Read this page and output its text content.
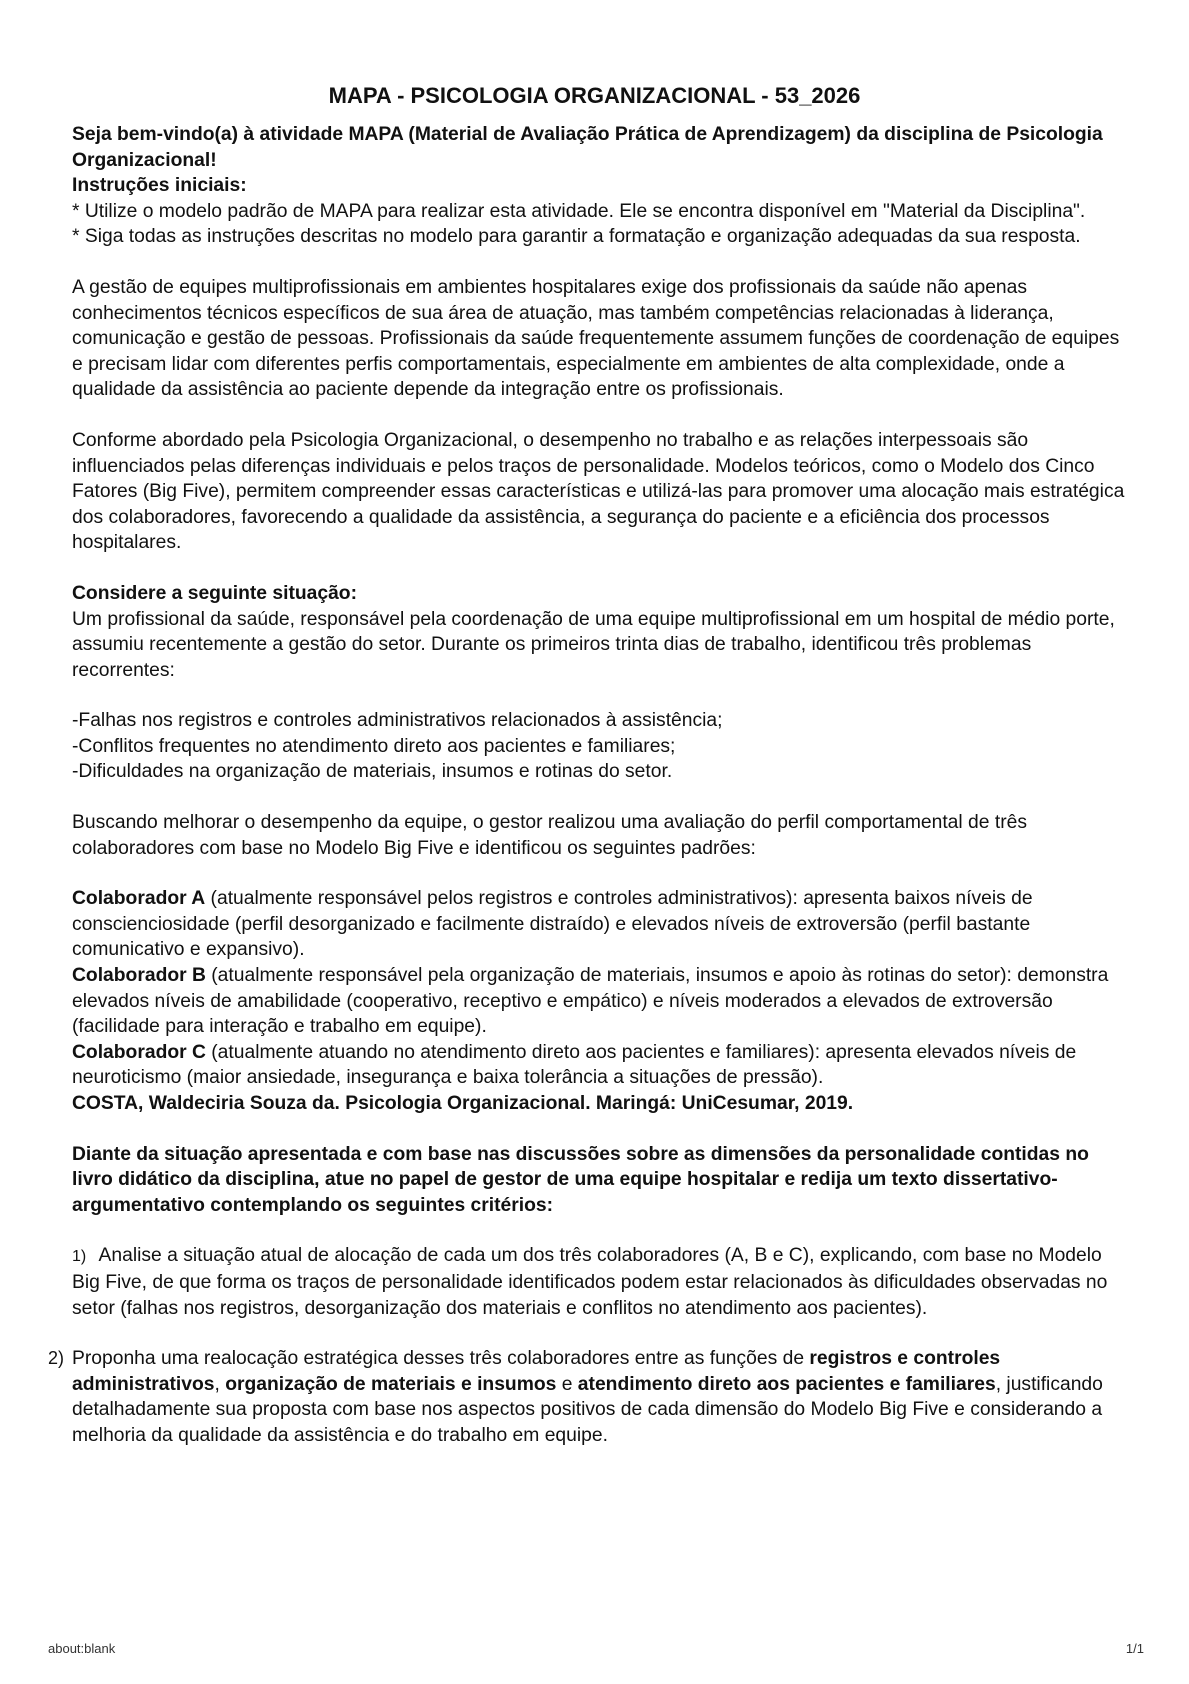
MAPA - PSICOLOGIA ORGANIZACIONAL - 53_2026

Seja bem-vindo(a) à atividade MAPA (Material de Avaliação Prática de Aprendizagem) da disciplina de Psicologia Organizacional!

Instruções iniciais:

* Utilize o modelo padrão de MAPA para realizar esta atividade. Ele se encontra disponível em "Material da Disciplina".

* Siga todas as instruções descritas no modelo para garantir a formatação e organização adequadas da sua resposta.

A gestão de equipes multiprofissionais em ambientes hospitalares exige dos profissionais da saúde não apenas conhecimentos técnicos específicos de sua área de atuação, mas também competências relacionadas à liderança, comunicação e gestão de pessoas. Profissionais da saúde frequentemente assumem funções de coordenação de equipes e precisam lidar com diferentes perfis comportamentais, especialmente em ambientes de alta complexidade, onde a qualidade da assistência ao paciente depende da integração entre os profissionais.

Conforme abordado pela Psicologia Organizacional, o desempenho no trabalho e as relações interpessoais são influenciados pelas diferenças individuais e pelos traços de personalidade. Modelos teóricos, como o Modelo dos Cinco Fatores (Big Five), permitem compreender essas características e utilizá-las para promover uma alocação mais estratégica dos colaboradores, favorecendo a qualidade da assistência, a segurança do paciente e a eficiência dos processos hospitalares.

Considere a seguinte situação:

Um profissional da saúde, responsável pela coordenação de uma equipe multiprofissional em um hospital de médio porte, assumiu recentemente a gestão do setor. Durante os primeiros trinta dias de trabalho, identificou três problemas recorrentes:

-Falhas nos registros e controles administrativos relacionados à assistência;

-Conflitos frequentes no atendimento direto aos pacientes e familiares;

-Dificuldades na organização de materiais, insumos e rotinas do setor.

Buscando melhorar o desempenho da equipe, o gestor realizou uma avaliação do perfil comportamental de três colaboradores com base no Modelo Big Five e identificou os seguintes padrões:

Colaborador A (atualmente responsável pelos registros e controles administrativos): apresenta baixos níveis de conscienciosidade (perfil desorganizado e facilmente distraído) e elevados níveis de extroversão (perfil bastante comunicativo e expansivo).

Colaborador B (atualmente responsável pela organização de materiais, insumos e apoio às rotinas do setor): demonstra elevados níveis de amabilidade (cooperativo, receptivo e empático) e níveis moderados a elevados de extroversão (facilidade para interação e trabalho em equipe).

Colaborador C (atualmente atuando no atendimento direto aos pacientes e familiares): apresenta elevados níveis de neuroticismo (maior ansiedade, insegurança e baixa tolerância a situações de pressão).

COSTA, Waldeciria Souza da. Psicologia Organizacional. Maringá: UniCesumar, 2019.

Diante da situação apresentada e com base nas discussões sobre as dimensões da personalidade contidas no livro didático da disciplina, atue no papel de gestor de uma equipe hospitalar e redija um texto dissertativo-argumentativo contemplando os seguintes critérios:

1) Analise a situação atual de alocação de cada um dos três colaboradores (A, B e C), explicando, com base no Modelo Big Five, de que forma os traços de personalidade identificados podem estar relacionados às dificuldades observadas no setor (falhas nos registros, desorganização dos materiais e conflitos no atendimento aos pacientes).

2) Proponha uma realocação estratégica desses três colaboradores entre as funções de registros e controles administrativos, organização de materiais e insumos e atendimento direto aos pacientes e familiares, justificando detalhadamente sua proposta com base nos aspectos positivos de cada dimensão do Modelo Big Five e considerando a melhoria da qualidade da assistência e do trabalho em equipe.

about:blank	1/1
